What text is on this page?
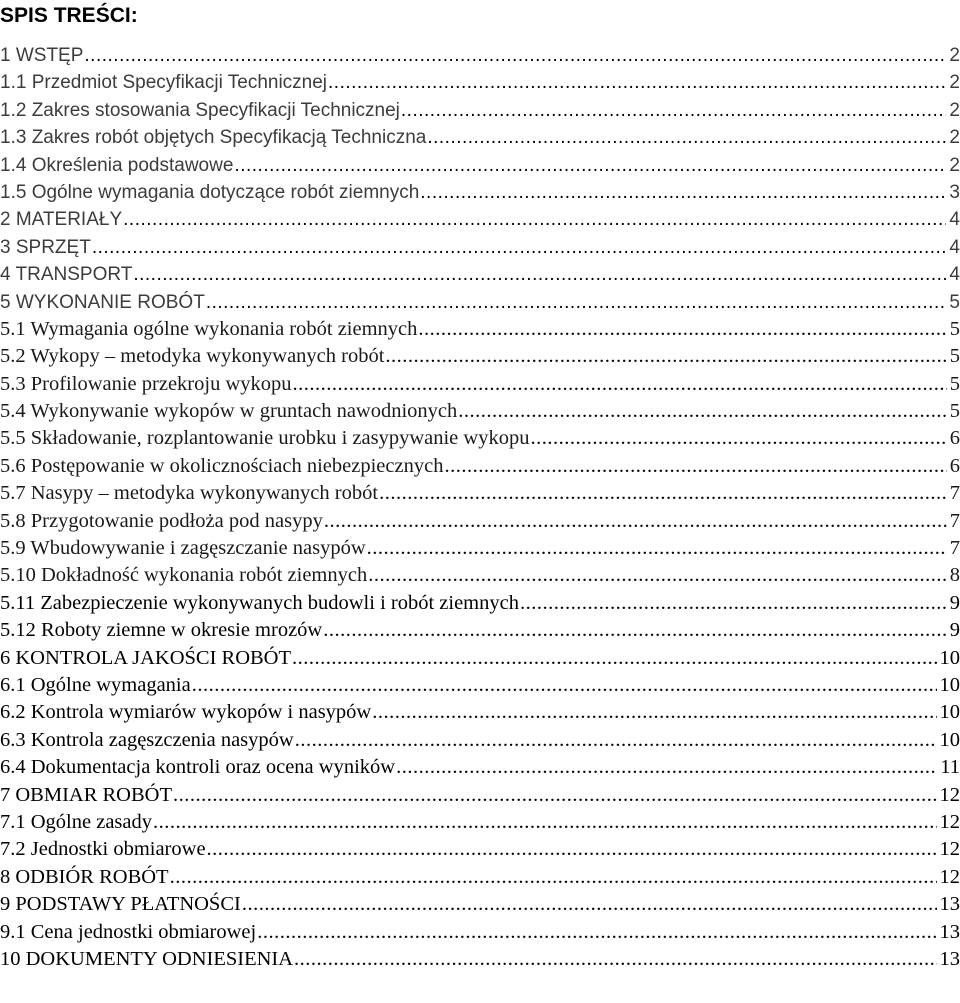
SPIS TREŚCI:
1 WSTĘP .....	2
1.1 Przedmiot Specyfikacji Technicznej .....	2
1.2 Zakres stosowania Specyfikacji Technicznej .....	2
1.3 Zakres robót objętych Specyfikacją Techniczna .....	2
1.4 Określenia podstawowe .....	2
1.5 Ogólne wymagania dotyczące robót ziemnych .....	3
2 MATERIAŁY .....	4
3 SPRZĘT .....	4
4 TRANSPORT .....	4
5 WYKONANIE ROBÓT .....	5
5.1 Wymagania ogólne wykonania robót ziemnych .....	5
5.2 Wykopy – metodyka wykonywanych robót .....	5
5.3 Profilowanie przekroju wykopu .....	5
5.4 Wykonywanie wykopów w gruntach nawodnionych .....	5
5.5 Składowanie, rozplantowanie urobku i zasypywanie wykopu .....	6
5.6 Postępowanie w okolicznościach niebezpiecznych .....	6
5.7 Nasypy – metodyka wykonywanych robót .....	7
5.8 Przygotowanie podłoża pod nasypy .....	7
5.9 Wbudowywanie i zagęszczanie nasypów .....	7
5.10 Dokładność wykonania robót ziemnych .....	8
5.11 Zabezpieczenie wykonywanych budowli i robót ziemnych .....	9
5.12 Roboty ziemne w okresie mrozów .....	9
6 KONTROLA JAKOŚCI ROBÓT .....	10
6.1 Ogólne wymagania .....	10
6.2 Kontrola wymiarów wykopów i nasypów .....	10
6.3 Kontrola zagęszczenia nasypów .....	10
6.4 Dokumentacja kontroli oraz ocena wyników .....	11
7 OBMIAR ROBÓT .....	12
7.1 Ogólne zasady .....	12
7.2 Jednostki obmiarowe .....	12
8 ODBIÓR ROBÓT .....	12
9 PODSTAWY PŁATNOŚCI .....	13
9.1 Cena jednostki obmiarowej .....	13
10 DOKUMENTY ODNIESIENIA .....	13
